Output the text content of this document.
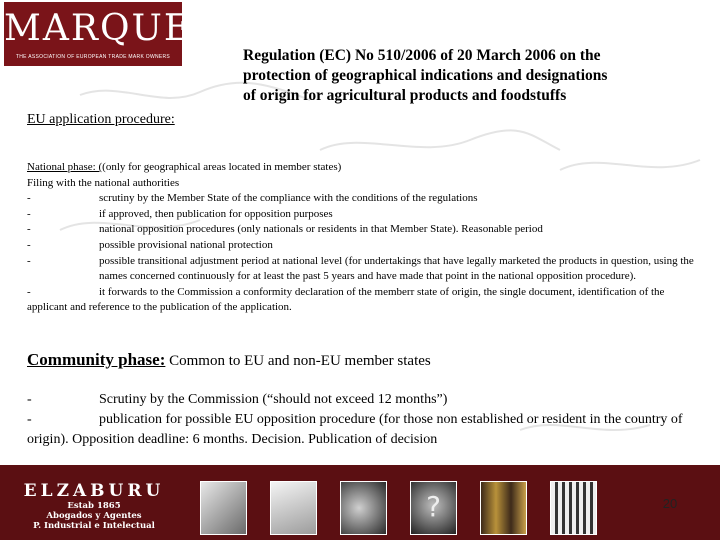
MARQUES
THE ASSOCIATION OF EUROPEAN TRADE MARK OWNERS	Regulation (EC) No 510/2006 of 20 March 2006 on the
protection of geographical indications and designations
of origin for agricultural products and foodstuffs
EU application procedure:
National phase: ((only for geographical areas located in member states)
Filing with the national authorities
-	scrutiny by the Member State of the compliance with the conditions of the regulations
-	if approved, then publication for opposition purposes
-	national opposition procedures (only nationals or residents in that Member State). Reasonable period
-	possible provisional national protection
-	possible transitional adjustment period at national level (for undertakings that have legally marketed the products in question, using the names concerned continuously for at least the past 5 years and have made that point in the national opposition procedure).
-	it forwards to the Commission a conformity declaration of the memberr state of origin, the single document, identification of the applicant and reference to the publication of the application.
Community phase: Common to EU and non-EU member states
-	Scrutiny by the Commission (“should not exceed 12 months”)
-	publication for possible EU opposition procedure (for those non established or resident in the country of origin). Opposition deadline: 6 months. Decision. Publication of decision
ELZABURU
Estab 1865
Abogados y Agentes
P. Industrial e Intelectual
?	20
